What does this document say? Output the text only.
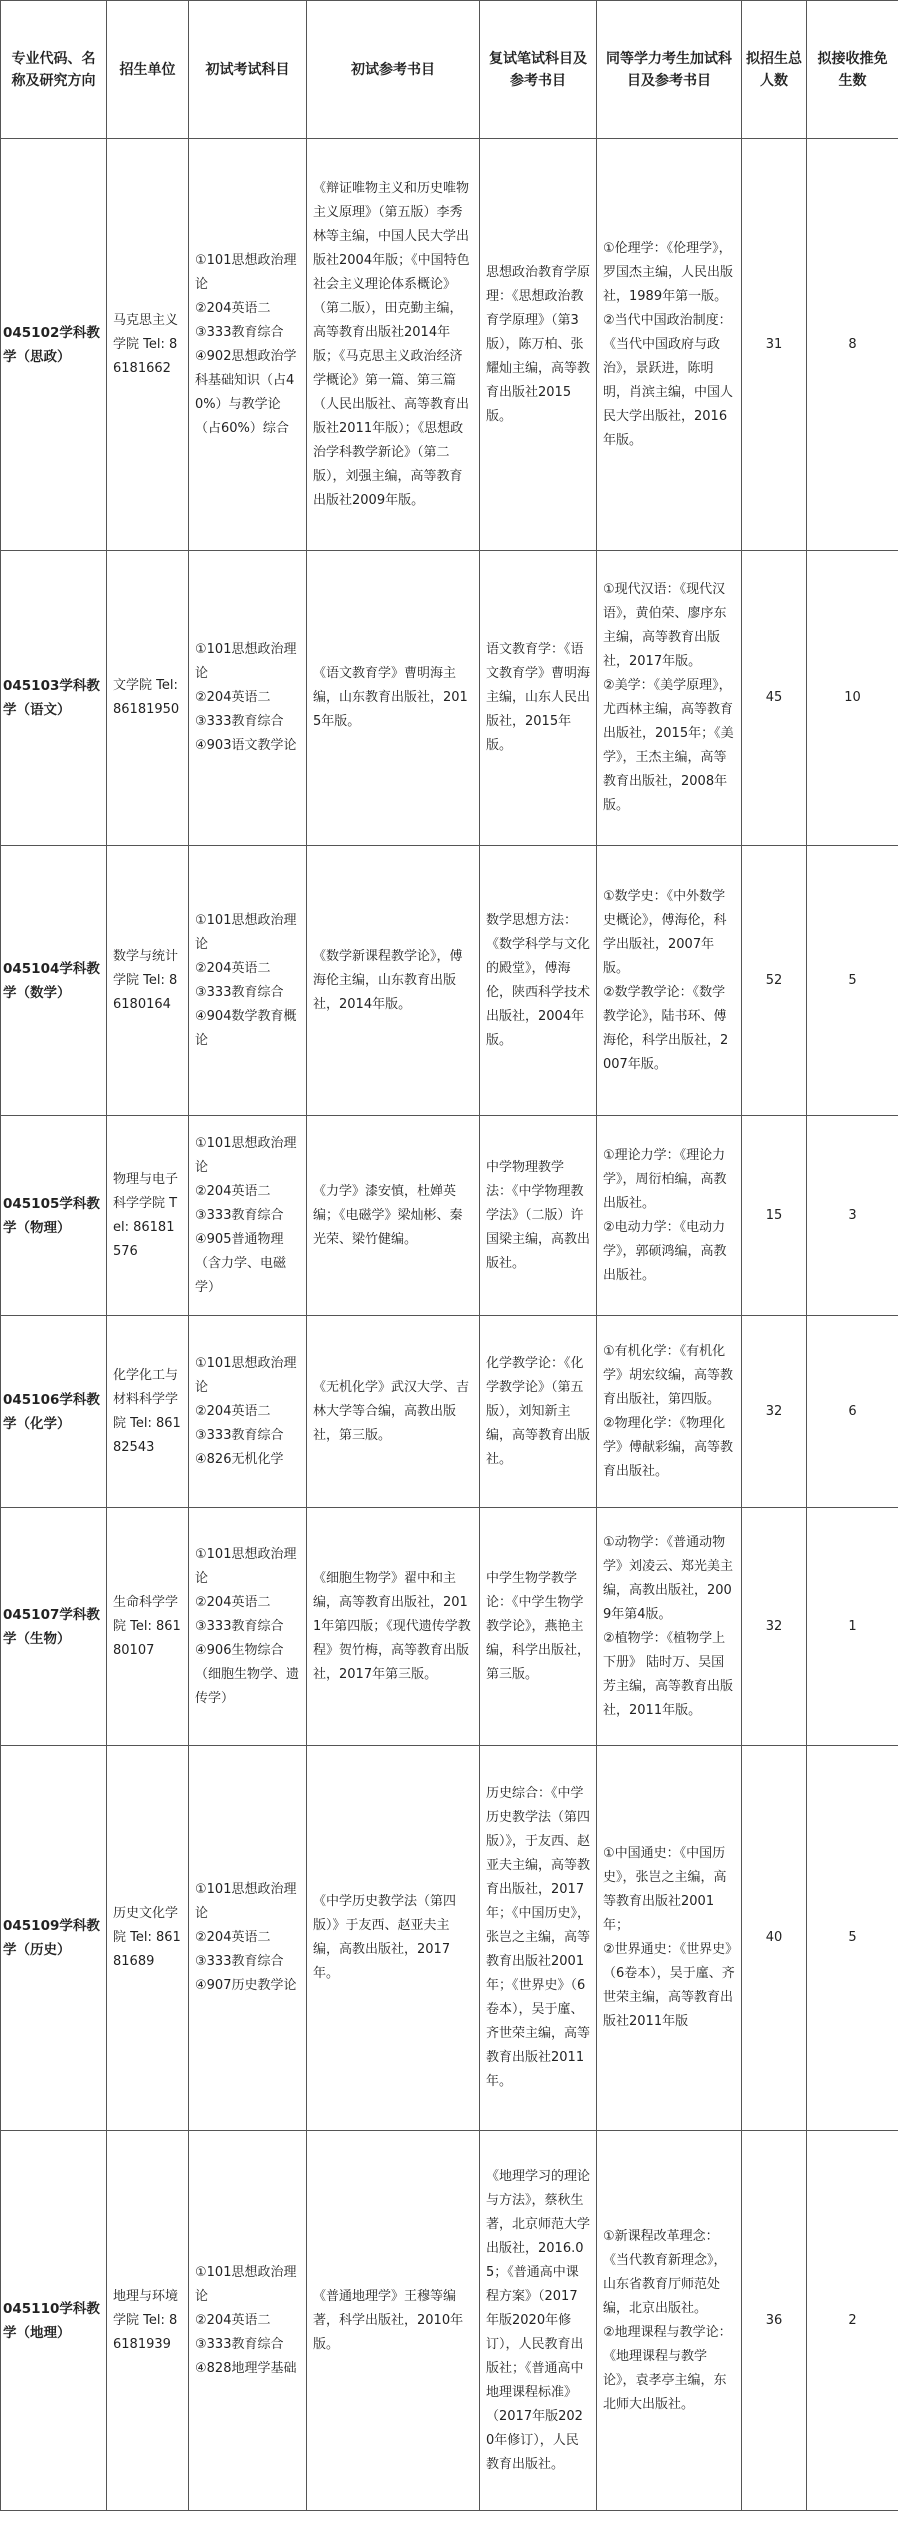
专业代码、名称及研究方向	招生单位	初试考试科目	初试参考书目	复试笔试科目及参考书目	同等学力考生加试科目及参考书目	拟招生总人数	拟接收推免生数
045102学科教学（思政）	马克思主义学院 Tel: 86181662	①101思想政治理论
②204英语二
③333教育综合
④902思想政治学科基础知识（占40%）与教学论（占60%）综合	《辩证唯物主义和历史唯物主义原理》（第五版）李秀林等主编，中国人民大学出版社2004年版；《中国特色社会主义理论体系概论》（第二版），田克勤主编，高等教育出版社2014年版；《马克思主义政治经济学概论》第一篇、第三篇（人民出版社、高等教育出版社2011年版）；《思想政治学科教学新论》（第二版），刘强主编，高等教育出版社2009年版。	思想政治教育学原理：《思想政治教育学原理》（第3版），陈万柏、张耀灿主编，高等教育出版社2015版。	①伦理学：《伦理学》，罗国杰主编，人民出版社，1989年第一版。
②当代中国政治制度：《当代中国政府与政治》，景跃进，陈明明，肖滨主编，中国人民大学出版社，2016年版。	31	8
045103学科教学（语文）	文学院 Tel: 86181950	①101思想政治理论
②204英语二
③333教育综合
④903语文教学论	《语文教育学》曹明海主编，山东教育出版社，2015年版。	语文教育学：《语文教育学》曹明海主编，山东人民出版社，2015年版。	①现代汉语：《现代汉语》，黄伯荣、廖序东主编，高等教育出版社，2017年版。
②美学：《美学原理》，尤西林主编，高等教育出版社，2015年；《美学》，王杰主编，高等教育出版社，2008年版。	45	10
045104学科教学（数学）	数学与统计学院 Tel: 86180164	①101思想政治理论
②204英语二
③333教育综合
④904数学教育概论	《数学新课程教学论》，傅海伦主编，山东教育出版社，2014年版。	数学思想方法：《数学科学与文化的殿堂》，傅海伦，陕西科学技术出版社，2004年版。	①数学史：《中外数学史概论》，傅海伦，科学出版社，2007年版。
②数学教学论：《数学教学论》，陆书环、傅海伦，科学出版社，2007年版。	52	5
045105学科教学（物理）	物理与电子科学学院 Tel: 86181576	①101思想政治理论
②204英语二
③333教育综合
④905普通物理（含力学、电磁学）	《力学》漆安慎，杜婵英编；《电磁学》梁灿彬、秦光荣、梁竹健编。	中学物理教学法：《中学物理教学法》（二版）许国梁主编，高教出版社。	①理论力学：《理论力学》，周衍柏编，高教出版社。
②电动力学：《电动力学》，郭硕鸿编，高教出版社。	15	3
045106学科教学（化学）	化学化工与材料科学学院 Tel: 86182543	①101思想政治理论
②204英语二
③333教育综合
④826无机化学	《无机化学》武汉大学、吉林大学等合编，高教出版社，第三版。	化学教学论：《化学教学论》（第五版），刘知新主编，高等教育出版社。	①有机化学：《有机化学》胡宏纹编，高等教育出版社，第四版。
②物理化学：《物理化学》傅献彩编，高等教育出版社。	32	6
045107学科教学（生物）	生命科学学院 Tel: 86180107	①101思想政治理论
②204英语二
③333教育综合
④906生物综合（细胞生物学、遗传学）	《细胞生物学》翟中和主编，高等教育出版社，2011年第四版；《现代遗传学教程》贺竹梅，高等教育出版社，2017年第三版。	中学生物学教学论：《中学生物学教学论》，燕艳主编，科学出版社，第三版。	①动物学：《普通动物学》刘凌云、郑光美主编，高教出版社，2009年第4版。
②植物学：《植物学上下册》 陆时万、吴国芳主编，高等教育出版社，2011年版。	32	1
045109学科教学（历史）	历史文化学院 Tel: 86181689	①101思想政治理论
②204英语二
③333教育综合
④907历史教学论	《中学历史教学法（第四版）》于友西、赵亚夫主编，高教出版社，2017年。	历史综合：《中学历史教学法（第四版）》，于友西、赵亚夫主编，高等教育出版社，2017年；《中国历史》，张岂之主编，高等教育出版社2001年；《世界史》（6卷本），吴于廑、齐世荣主编，高等教育出版社2011年。	①中国通史：《中国历史》，张岂之主编，高等教育出版社2001年；
②世界通史：《世界史》（6卷本），吴于廑、齐世荣主编，高等教育出版社2011年版	40	5
045110学科教学（地理）	地理与环境学院 Tel: 86181939	①101思想政治理论
②204英语二
③333教育综合
④828地理学基础	《普通地理学》王穆等编著，科学出版社，2010年版。	《地理学习的理论与方法》，蔡秋生著，北京师范大学出版社，2016.05；《普通高中课程方案》（2017年版2020年修订），人民教育出版社；《普通高中地理课程标准》（2017年版2020年修订），人民教育出版社。	①新课程改革理念：《当代教育新理念》，山东省教育厅师范处编，北京出版社。
②地理课程与教学论：《地理课程与教学论》，袁孝亭主编，东北师大出版社。	36	2
